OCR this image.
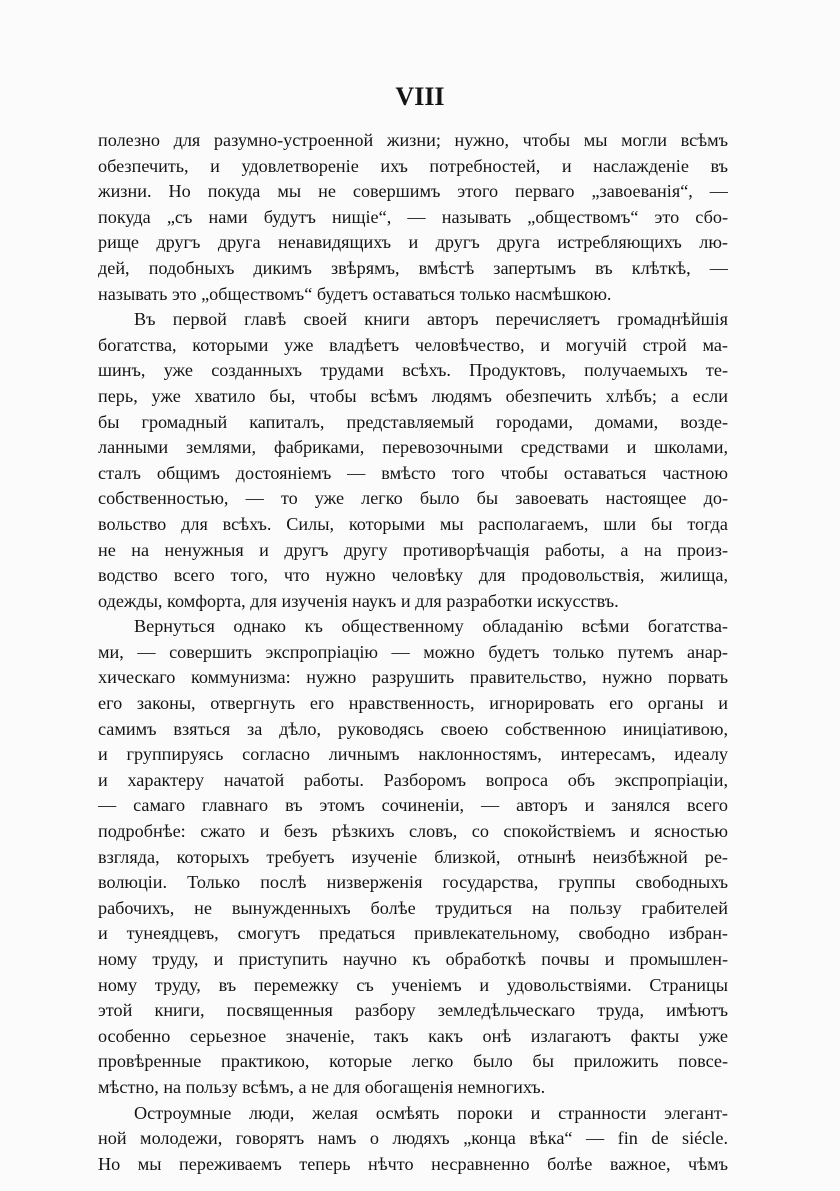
VIII
полезно для разумно-устроенной жизни; нужно, чтобы мы могли всѣмъ
обезпечить, и удовлетвореніе ихъ потребностей, и наслажденіе въ
жизни. Но покуда мы не совершимъ этого перваго „завоеванія“, —
покуда „съ нами будутъ нищіе“, — называть „обществомъ“ это сбо-
рище другъ друга ненавидящихъ и другъ друга истребляющихъ лю-
дей, подобныхъ дикимъ звѣрямъ, вмѣстѣ запертымъ въ клѣткѣ, —
называть это „обществомъ“ будетъ оставаться только насмѣшкою.
Въ первой главѣ своей книги авторъ перечисляетъ громаднѣйшія
богатства, которыми уже владѣетъ человѣчество, и могучій строй ма-
шинъ, уже созданныхъ трудами всѣхъ. Продуктовъ, получаемыхъ те-
перь, уже хватило бы, чтобы всѣмъ людямъ обезпечить хлѣбъ; а если
бы громадный капиталъ, представляемый городами, домами, возде-
ланными землями, фабриками, перевозочными средствами и школами,
сталъ общимъ достояніемъ — вмѣсто того чтобы оставаться частною
собственностью, — то уже легко было бы завоевать настоящее до-
вольство для всѣхъ. Силы, которыми мы располагаемъ, шли бы тогда
не на ненужныя и другъ другу противорѣчащія работы, а на произ-
водство всего того, что нужно человѣку для продовольствія, жилища,
одежды, комфорта, для изученія наукъ и для разработки искусствъ.
Вернуться однако къ общественному обладанію всѣми богатства-
ми, — совершить экспропріацію — можно будетъ только путемъ анар-
хическаго коммунизма: нужно разрушить правительство, нужно порвать
его законы, отвергнуть его нравственность, игнорировать его органы и
самимъ взяться за дѣло, руководясь своею собственною иниціативою,
и группируясь согласно личнымъ наклонностямъ, интересамъ, идеалу
и характеру начатой работы. Разборомъ вопроса объ экспропріаціи,
— самаго главнаго въ этомъ сочиненіи, — авторъ и занялся всего
подробнѣе: сжато и безъ рѣзкихъ словъ, со спокойствіемъ и ясностью
взгляда, которыхъ требуетъ изученіе близкой, отнынѣ неизбѣжной ре-
волюціи. Только послѣ низверженія государства, группы свободныхъ
рабочихъ, не вынужденныхъ болѣе трудиться на пользу грабителей
и тунеядцевъ, смогутъ предаться привлекательному, свободно избран-
ному труду, и приступить научно къ обработкѣ почвы и промышлен-
ному труду, въ перемежку съ ученіемъ и удовольствіями. Страницы
этой книги, посвященныя разбору земледѣльческаго труда, имѣютъ
особенно серьезное значеніе, такъ какъ онѣ излагаютъ факты уже
провѣренные практикою, которые легко было бы приложить повсе-
мѣстно, на пользу всѣмъ, а не для обогащенія немногихъ.
Остроумные люди, желая осмѣять пороки и странности элегант-
ной молодежи, говорятъ намъ о людяхъ „конца вѣка“ — fin de siécle.
Но мы переживаемъ теперь нѣчто несравненно болѣе важное, чѣмъ
